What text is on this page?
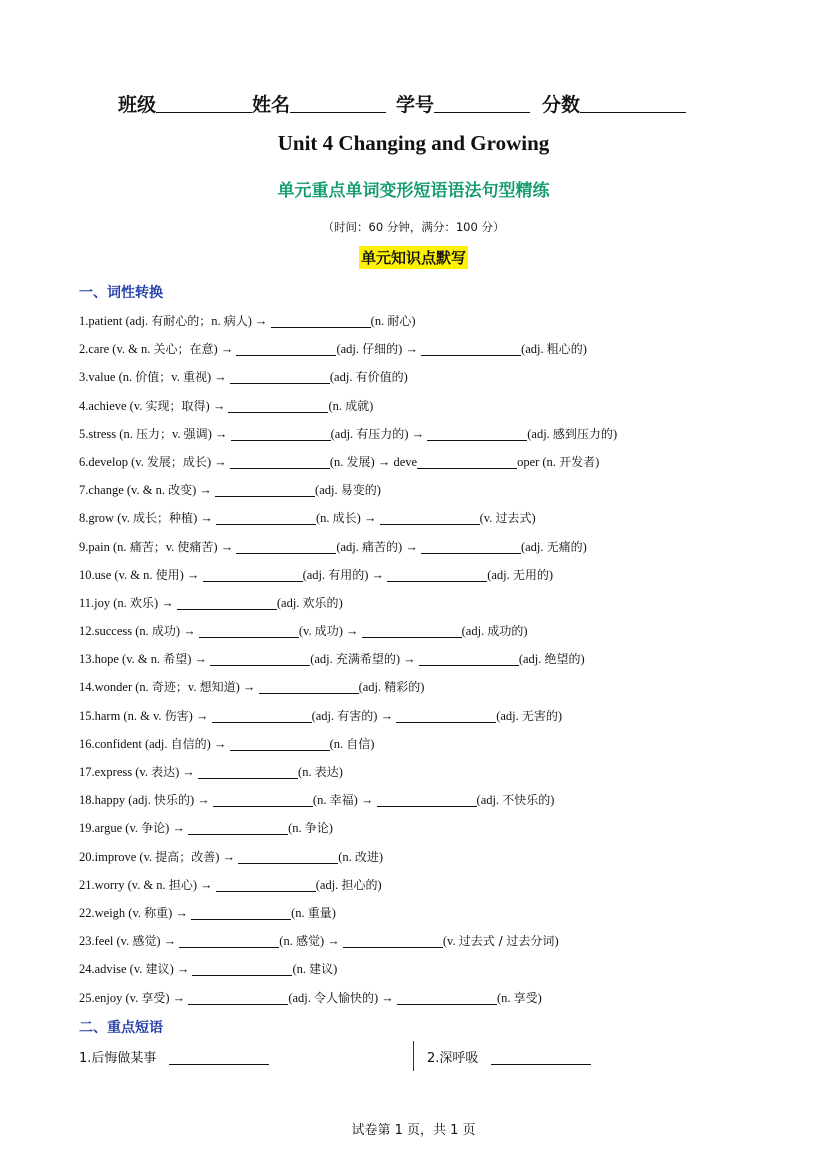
班级	姓名	学号	分数
Unit 4 Changing and Growing
单元重点单词变形短语语法句型精练
（时间：60 分钟，满分：100 分）
单元知识点默写
一、词性转换
1.patient (adj. 有耐心的；n. 病人) →	(n. 耐心)
2.care (v. & n. 关心；在意) →	(adj. 仔细的) →	(adj. 粗心的)
3.value (n. 价值；v. 重视) →	(adj. 有价值的)
4.achieve (v. 实现；取得) →	(n. 成就)
5.stress (n. 压力；v. 强调) →	(adj. 有压力的) →	(adj. 感到压力的)
6.develop (v. 发展；成长) →	(n. 发展) → deve	oper (n. 开发者)
7.change (v. & n. 改变) →	(adj. 易变的)
8.grow (v. 成长；种植) →	(n. 成长) →	(v. 过去式)
9.pain (n. 痛苦；v. 使痛苦) →	(adj. 痛苦的) →	(adj. 无痛的)
10.use (v. & n. 使用) →	(adj. 有用的) →	(adj. 无用的)
11.joy (n. 欢乐) →	(adj. 欢乐的)
12.success (n. 成功) →	(v. 成功) →	(adj. 成功的)
13.hope (v. & n. 希望) →	(adj. 充满希望的) →	(adj. 绝望的)
14.wonder (n. 奇迹；v. 想知道) →	(adj. 精彩的)
15.harm (n. & v. 伤害) →	(adj. 有害的) →	(adj. 无害的)
16.confident (adj. 自信的) →	(n. 自信)
17.express (v. 表达) →	(n. 表达)
18.happy (adj. 快乐的) →	(n. 幸福) →	(adj. 不快乐的)
19.argue (v. 争论) →	(n. 争论)
20.improve (v. 提高；改善) →	(n. 改进)
21.worry (v. & n. 担心) →	(adj. 担心的)
22.weigh (v. 称重) →	(n. 重量)
23.feel (v. 感觉) →	(n. 感觉) →	(v. 过去式 / 过去分词)
24.advise (v. 建议) →	(n. 建议)
25.enjoy (v. 享受) →	(adj. 令人愉快的) →	(n. 享受)
二、重点短语
1.后悔做某事	2.深呼吸
试卷第 1 页，共 1 页
